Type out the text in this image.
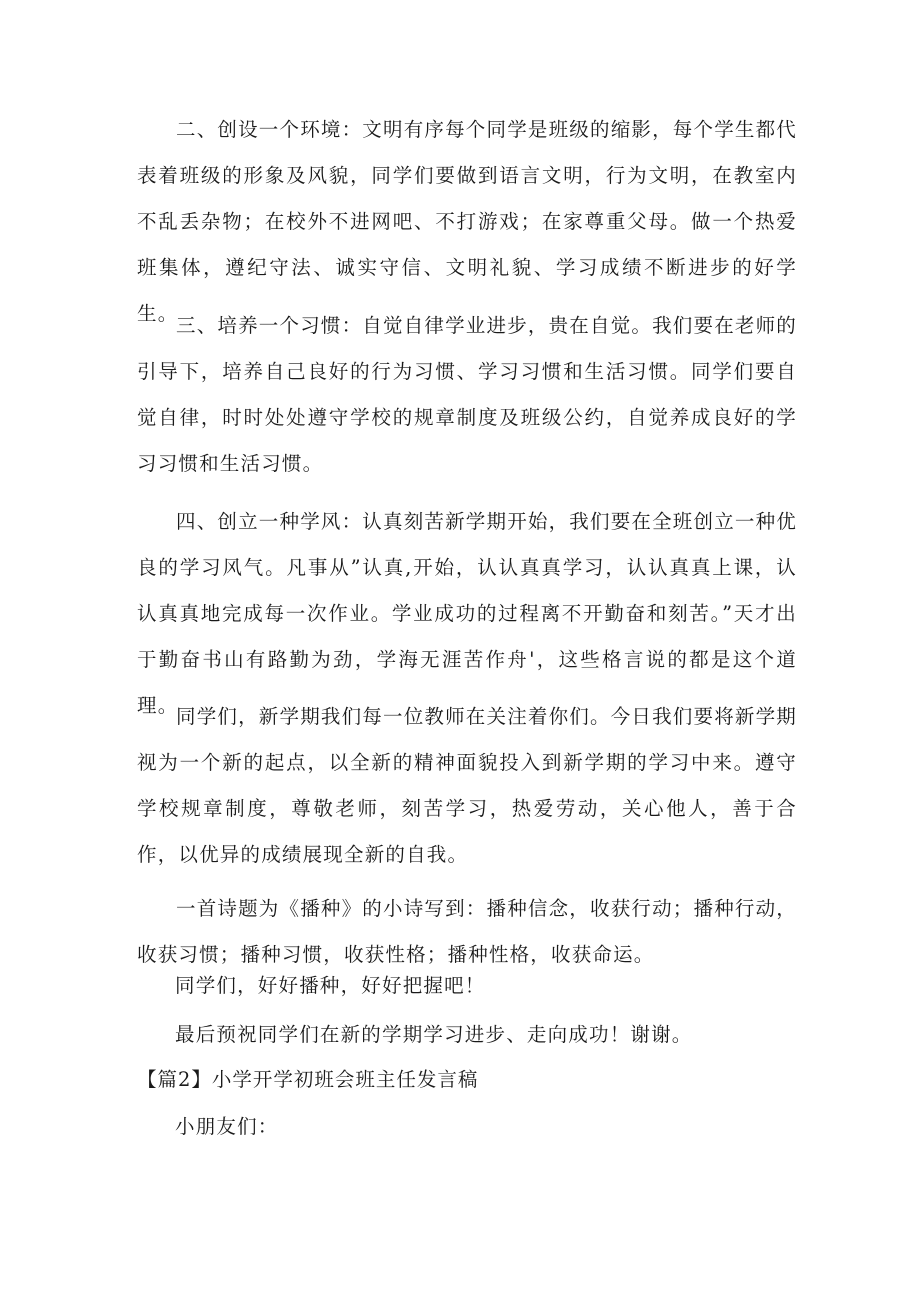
二、创设一个环境：文明有序每个同学是班级的缩影，每个学生都代表着班级的形象及风貌，同学们要做到语言文明，行为文明，在教室内不乱丢杂物；在校外不进网吧、不打游戏；在家尊重父母。做一个热爱班集体，遵纪守法、诚实守信、文明礼貌、学习成绩不断进步的好学生。

三、培养一个习惯：自觉自律学业进步，贵在自觉。我们要在老师的引导下，培养自己良好的行为习惯、学习习惯和生活习惯。同学们要自觉自律，时时处处遵守学校的规章制度及班级公约，自觉养成良好的学习习惯和生活习惯。

四、创立一种学风：认真刻苦新学期开始，我们要在全班创立一种优良的学习风气。凡事从”认真,开始，认认真真学习，认认真真上课，认认真真地完成每一次作业。学业成功的过程离不开勤奋和刻苦。”天才出于勤奋书山有路勤为劲，学海无涯苦作舟'，这些格言说的都是这个道理。

同学们，新学期我们每一位教师在关注着你们。今日我们要将新学期视为一个新的起点，以全新的精神面貌投入到新学期的学习中来。遵守学校规章制度，尊敬老师，刻苦学习，热爱劳动，关心他人，善于合作，以优异的成绩展现全新的自我。

一首诗题为《播种》的小诗写到：播种信念，收获行动；播种行动，收获习惯；播种习惯，收获性格；播种性格，收获命运。

同学们，好好播种，好好把握吧！

最后预祝同学们在新的学期学习进步、走向成功！谢谢。

【篇2】小学开学初班会班主任发言稿

小朋友们：
